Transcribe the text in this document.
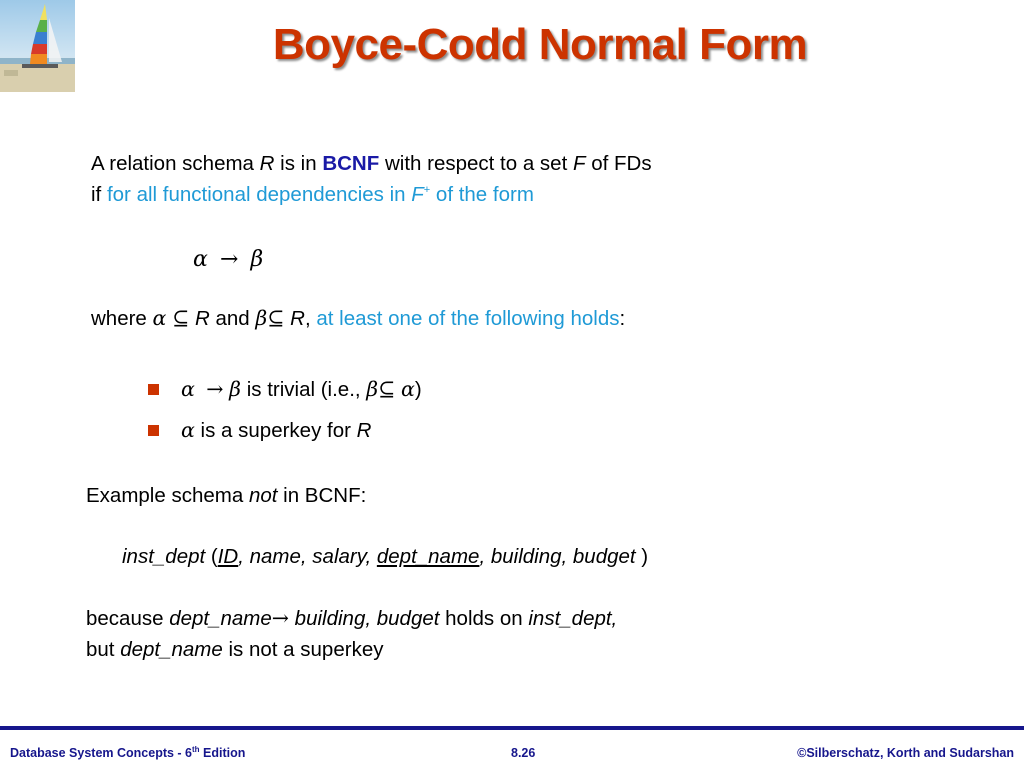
Boyce-Codd Normal Form
A relation schema R is in BCNF with respect to a set F of FDs
if for all functional dependencies in F+ of the form
α → β
where α ⊆ R and β⊆ R, at least one of the following holds:
α → β is trivial (i.e., β⊆ α)
α is a superkey for R
Example schema not in BCNF:
inst_dept (ID, name, salary, dept_name, building, budget )
because dept_name→ building, budget holds on inst_dept,
but dept_name is not a superkey
Database System Concepts - 6th Edition	8.26	©Silberschatz, Korth and Sudarshan
